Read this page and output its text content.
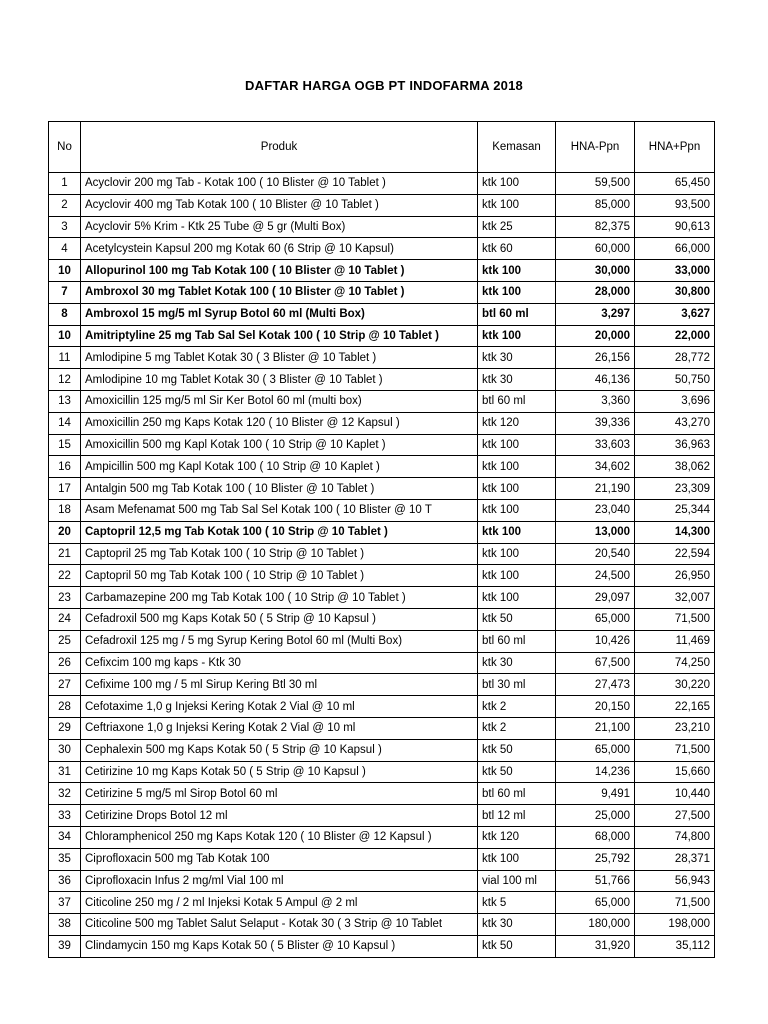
DAFTAR HARGA OGB PT INDOFARMA 2018
No	Produk	Kemasan	HNA-Ppn	HNA+Ppn
1	Acyclovir 200 mg Tab - Kotak 100 ( 10 Blister @ 10 Tablet )	ktk 100	59,500	65,450
2	Acyclovir 400 mg Tab Kotak 100 ( 10 Blister @ 10 Tablet )	ktk 100	85,000	93,500
3	Acyclovir 5% Krim - Ktk 25 Tube @ 5 gr (Multi Box)	ktk 25	82,375	90,613
4	Acetylcystein Kapsul 200 mg Kotak 60 (6 Strip @ 10 Kapsul)	ktk 60	60,000	66,000
10	Allopurinol 100 mg Tab Kotak 100 ( 10 Blister @ 10 Tablet )	ktk 100	30,000	33,000
7	Ambroxol 30 mg Tablet Kotak 100 ( 10 Blister @ 10 Tablet )	ktk 100	28,000	30,800
8	Ambroxol 15 mg/5 ml Syrup Botol 60 ml (Multi Box)	btl 60 ml	3,297	3,627
10	Amitriptyline 25 mg Tab Sal Sel Kotak 100 ( 10 Strip @ 10 Tablet )	ktk 100	20,000	22,000
11	Amlodipine 5 mg Tablet Kotak 30 ( 3 Blister @ 10 Tablet )	ktk 30	26,156	28,772
12	Amlodipine 10 mg Tablet Kotak 30 ( 3 Blister @ 10 Tablet )	ktk 30	46,136	50,750
13	Amoxicillin 125 mg/5 ml Sir Ker Botol 60 ml (multi box)	btl 60 ml	3,360	3,696
14	Amoxicillin 250 mg Kaps Kotak 120 ( 10 Blister @ 12 Kapsul )	ktk 120	39,336	43,270
15	Amoxicillin 500 mg Kapl Kotak 100 ( 10 Strip @ 10 Kaplet )	ktk 100	33,603	36,963
16	Ampicillin 500 mg Kapl Kotak 100 ( 10 Strip @ 10 Kaplet )	ktk 100	34,602	38,062
17	Antalgin 500 mg Tab Kotak 100 ( 10 Blister @ 10 Tablet )	ktk 100	21,190	23,309
18	Asam Mefenamat 500 mg Tab Sal Sel Kotak 100 ( 10 Blister @ 10 T	ktk 100	23,040	25,344
20	Captopril 12,5 mg Tab Kotak 100 ( 10 Strip @ 10 Tablet )	ktk 100	13,000	14,300
21	Captopril 25 mg Tab Kotak 100 ( 10 Strip @ 10 Tablet )	ktk 100	20,540	22,594
22	Captopril 50 mg Tab Kotak 100 ( 10 Strip @ 10 Tablet )	ktk 100	24,500	26,950
23	Carbamazepine 200 mg Tab Kotak 100 ( 10 Strip @ 10 Tablet )	ktk 100	29,097	32,007
24	Cefadroxil 500 mg Kaps Kotak 50 ( 5 Strip @ 10 Kapsul )	ktk 50	65,000	71,500
25	Cefadroxil 125 mg / 5 mg Syrup Kering Botol 60 ml (Multi Box)	btl 60 ml	10,426	11,469
26	Cefixcim 100 mg kaps - Ktk 30	ktk 30	67,500	74,250
27	Cefixime 100 mg / 5 ml Sirup Kering Btl 30 ml	btl 30 ml	27,473	30,220
28	Cefotaxime 1,0 g Injeksi Kering Kotak 2 Vial @ 10 ml	ktk 2	20,150	22,165
29	Ceftriaxone 1,0 g Injeksi Kering Kotak 2 Vial @ 10 ml	ktk 2	21,100	23,210
30	Cephalexin 500 mg Kaps Kotak 50 ( 5 Strip @ 10 Kapsul )	ktk 50	65,000	71,500
31	Cetirizine 10 mg Kaps Kotak 50 ( 5 Strip @ 10 Kapsul )	ktk 50	14,236	15,660
32	Cetirizine 5 mg/5 ml Sirop Botol 60 ml	btl 60 ml	9,491	10,440
33	Cetirizine Drops Botol 12 ml	btl 12 ml	25,000	27,500
34	Chloramphenicol 250 mg Kaps Kotak 120 ( 10 Blister @ 12 Kapsul )	ktk 120	68,000	74,800
35	Ciprofloxacin 500 mg Tab Kotak 100	ktk 100	25,792	28,371
36	Ciprofloxacin Infus 2 mg/ml Vial 100 ml	vial 100 ml	51,766	56,943
37	Citicoline 250 mg / 2 ml Injeksi Kotak 5 Ampul @ 2 ml	ktk 5	65,000	71,500
38	Citicoline 500 mg Tablet Salut Selaput - Kotak 30 ( 3 Strip @ 10 Tablet	ktk 30	180,000	198,000
39	Clindamycin 150 mg Kaps Kotak 50 ( 5 Blister @ 10 Kapsul )	ktk 50	31,920	35,112
